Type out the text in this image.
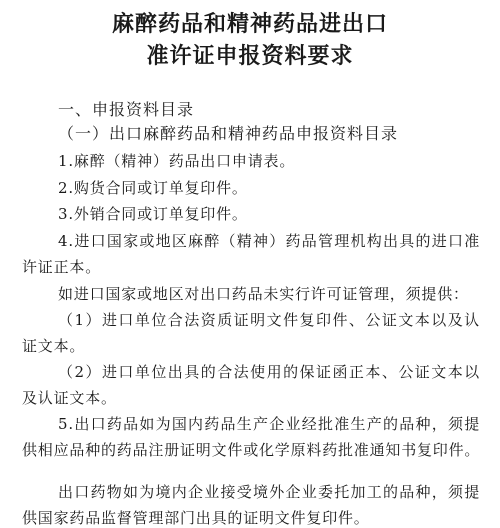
麻醉药品和精神药品进出口
准许证申报资料要求
一、申报资料目录
（一）出口麻醉药品和精神药品申报资料目录
1.麻醉（精神）药品出口申请表。
2.购货合同或订单复印件。
3.外销合同或订单复印件。
4.进口国家或地区麻醉（精神）药品管理机构出具的进口准
许证正本。
如进口国家或地区对出口药品未实行许可证管理，须提供：
（1）进口单位合法资质证明文件复印件、公证文本以及认
证文本。
（2）进口单位出具的合法使用的保证函正本、公证文本以
及认证文本。
5.出口药品如为国内药品生产企业经批准生产的品种，须提
供相应品种的药品注册证明文件或化学原料药批准通知书复印件。
出口药物如为境内企业接受境外企业委托加工的品种，须提
供国家药品监督管理部门出具的证明文件复印件。
